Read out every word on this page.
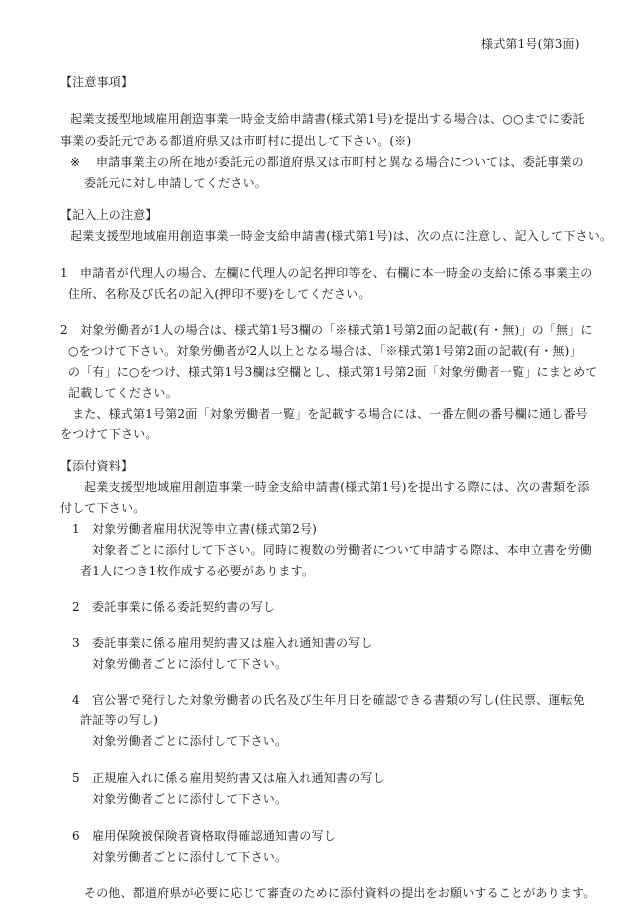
様式第1号(第3面)
【注意事項】
起業支援型地域雇用創造事業一時金支給申請書(様式第1号)を提出する場合は、○○までに委託
事業の委託元である都道府県又は市町村に提出して下さい。(※)
※ 申請事業主の所在地が委託元の都道府県又は市町村と異なる場合については、委託事業の
委託元に対し申請してください。
【記入上の注意】
起業支援型地域雇用創造事業一時金支給申請書(様式第1号)は、次の点に注意し、記入して下さい。
1　申請者が代理人の場合、左欄に代理人の記名押印等を、右欄に本一時金の支給に係る事業主の
住所、名称及び氏名の記入(押印不要)をしてください。
2　対象労働者が1人の場合は、様式第1号3欄の「※様式第1号第2面の記載(有・無)」の「無」に
○をつけて下さい。対象労働者が2人以上となる場合は、「※様式第1号第2面の記載(有・無)」
の「有」に○をつけ、様式第1号3欄は空欄とし、様式第1号第2面「対象労働者一覧」にまとめて
記載してください。
また、様式第1号第2面「対象労働者一覧」を記載する場合には、一番左側の番号欄に通し番号
をつけて下さい。
【添付資料】
起業支援型地域雇用創造事業一時金支給申請書(様式第1号)を提出する際には、次の書類を添
付して下さい。
1　対象労働者雇用状況等申立書(様式第2号)
対象者ごとに添付して下さい。同時に複数の労働者について申請する際は、本申立書を労働
者1人につき1枚作成する必要があります。
2　委託事業に係る委託契約書の写し
3　委託事業に係る雇用契約書又は雇入れ通知書の写し
対象労働者ごとに添付して下さい。
4　官公署で発行した対象労働者の氏名及び生年月日を確認できる書類の写し(住民票、運転免
許証等の写し)
対象労働者ごとに添付して下さい。
5　正規雇入れに係る雇用契約書又は雇入れ通知書の写し
対象労働者ごとに添付して下さい。
6　雇用保険被保険者資格取得確認通知書の写し
対象労働者ごとに添付して下さい。
その他、都道府県が必要に応じて審査のために添付資料の提出をお願いすることがあります。
